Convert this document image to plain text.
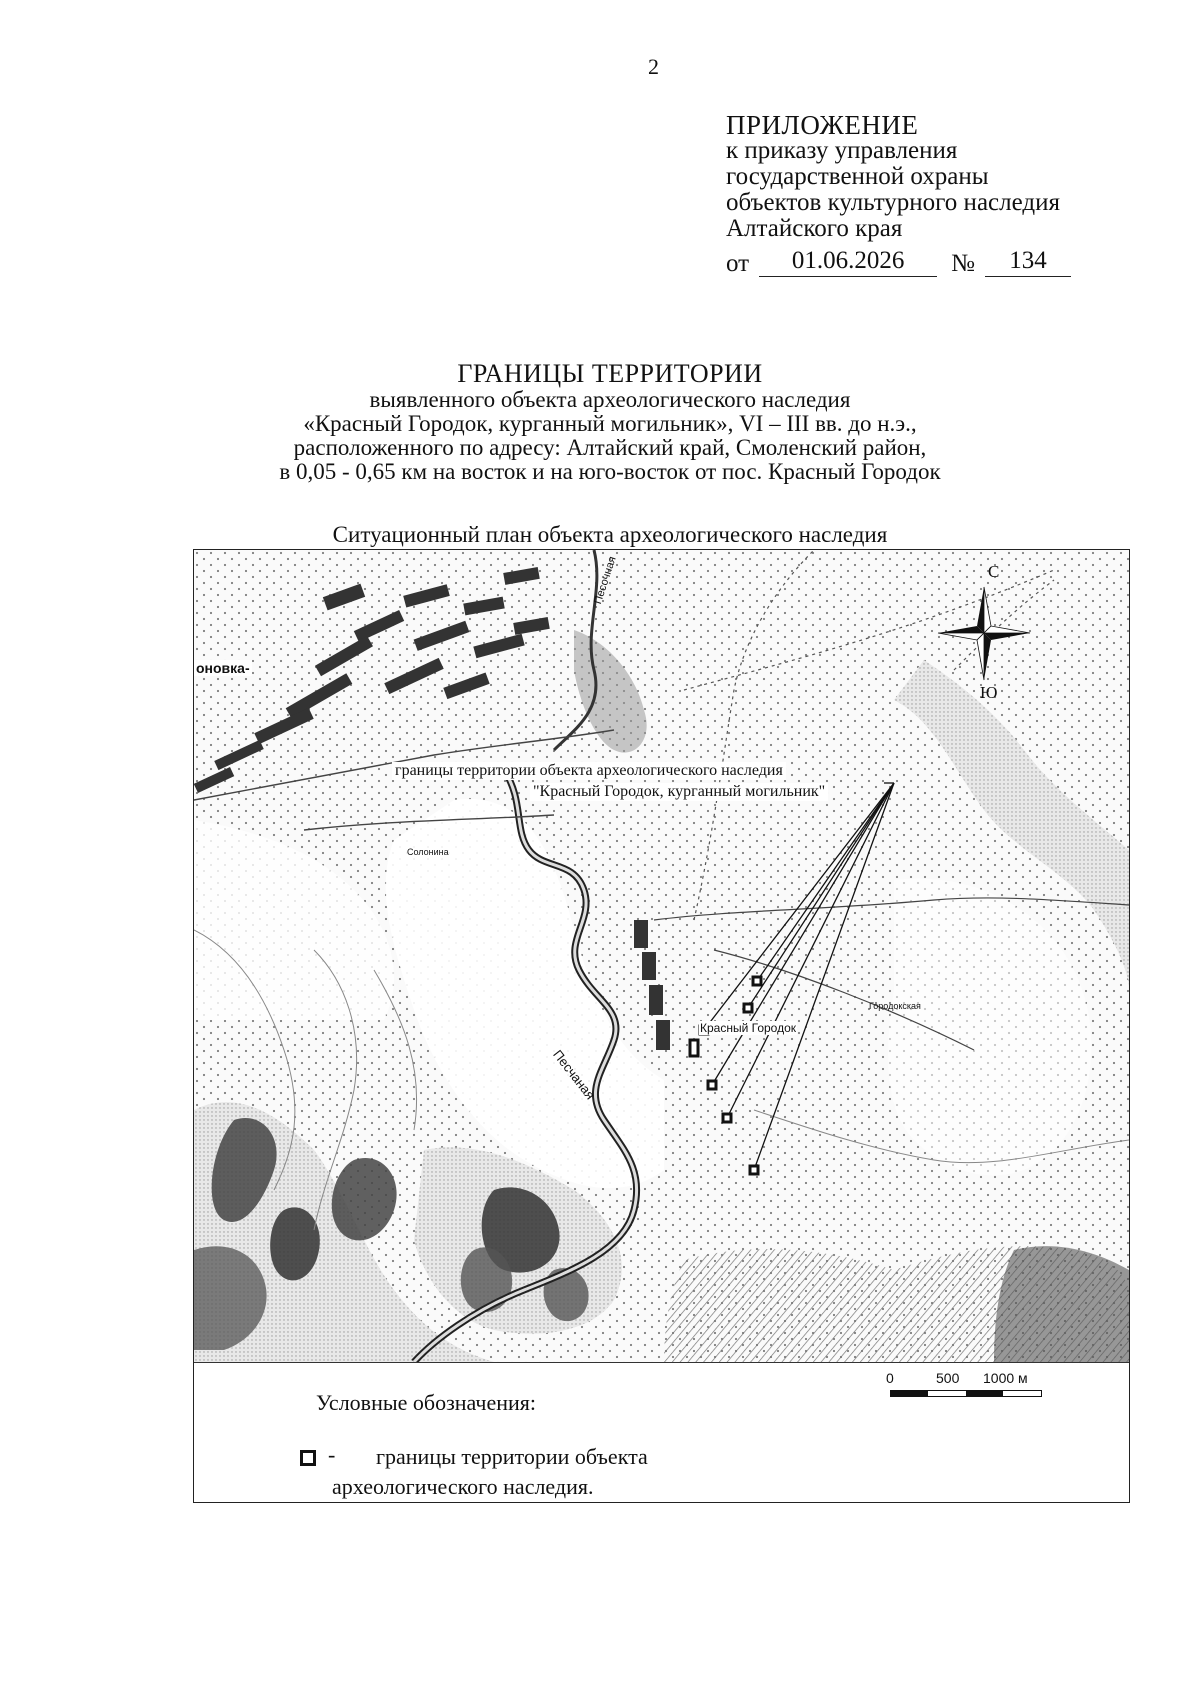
2
ПРИЛОЖЕНИЕ
к приказу управления
государственной охраны
объектов культурного наследия
Алтайского края
от	01.06.2026	№	134
ГРАНИЦЫ ТЕРРИТОРИИ
выявленного объекта археологического наследия
«Красный Городок, курганный могильник», VI – III вв. до н.э.,
расположенного по адресу: Алтайский край, Смоленский район,
в 0,05 - 0,65 км на восток и на юго-восток от пос. Красный Городок
Ситуационный план объекта археологического наследия
С
Ю
оновка-
Солонина
Городокская
Песочная
Песчаная
Красный Городок
границы территории объекта археологического наследия
"Красный Городок, курганный могильник"
0	500 1000 м
Условные обозначения:
-	границы территории объекта археологического наследия.
